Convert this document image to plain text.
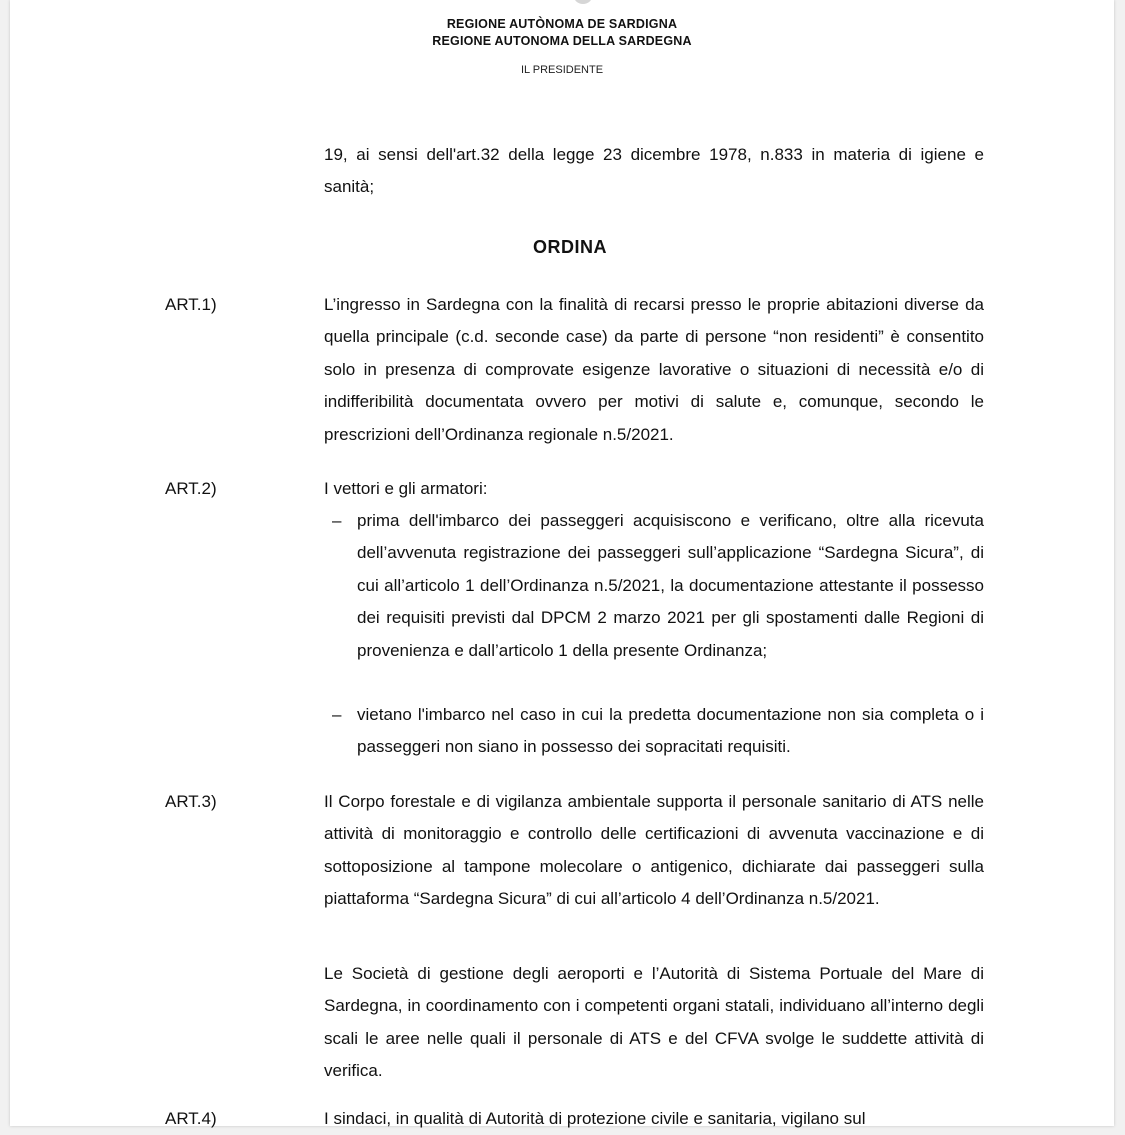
REGIONE AUTÒNOMA DE SARDIGNA
REGIONE AUTONOMA DELLA SARDEGNA
IL PRESIDENTE
19, ai sensi dell'art.32 della legge 23 dicembre 1978, n.833 in materia di igiene e sanità;
ORDINA
ART.1)	L’ingresso in Sardegna con la finalità di recarsi presso le proprie abitazioni diverse da quella principale (c.d. seconde case) da parte di persone “non residenti” è consentito solo in presenza di comprovate esigenze lavorative o situazioni di necessità e/o di indifferibilità documentata ovvero per motivi di salute e, comunque, secondo le prescrizioni dell’Ordinanza regionale n.5/2021.
ART.2)	I vettori e gli armatori:
– prima dell'imbarco dei passeggeri acquisiscono e verificano, oltre alla ricevuta dell’avvenuta registrazione dei passeggeri sull’applicazione “Sardegna Sicura”, di cui all’articolo 1 dell’Ordinanza n.5/2021, la documentazione attestante il possesso dei requisiti previsti dal DPCM 2 marzo 2021 per gli spostamenti dalle Regioni di provenienza e dall’articolo 1 della presente Ordinanza;
– vietano l'imbarco nel caso in cui la predetta documentazione non sia completa o i passeggeri non siano in possesso dei sopracitati requisiti.
ART.3)	Il Corpo forestale e di vigilanza ambientale supporta il personale sanitario di ATS nelle attività di monitoraggio e controllo delle certificazioni di avvenuta vaccinazione e di sottoposizione al tampone molecolare o antigenico, dichiarate dai passeggeri sulla piattaforma “Sardegna Sicura” di cui all’articolo 4 dell’Ordinanza n.5/2021.
Le Società di gestione degli aeroporti e l’Autorità di Sistema Portuale del Mare di Sardegna, in coordinamento con i competenti organi statali, individuano all’interno degli scali le aree nelle quali il personale di ATS e del CFVA svolge le suddette attività di verifica.
ART.4)	I sindaci, in qualità di Autorità di protezione civile e sanitaria, vigilano sul
